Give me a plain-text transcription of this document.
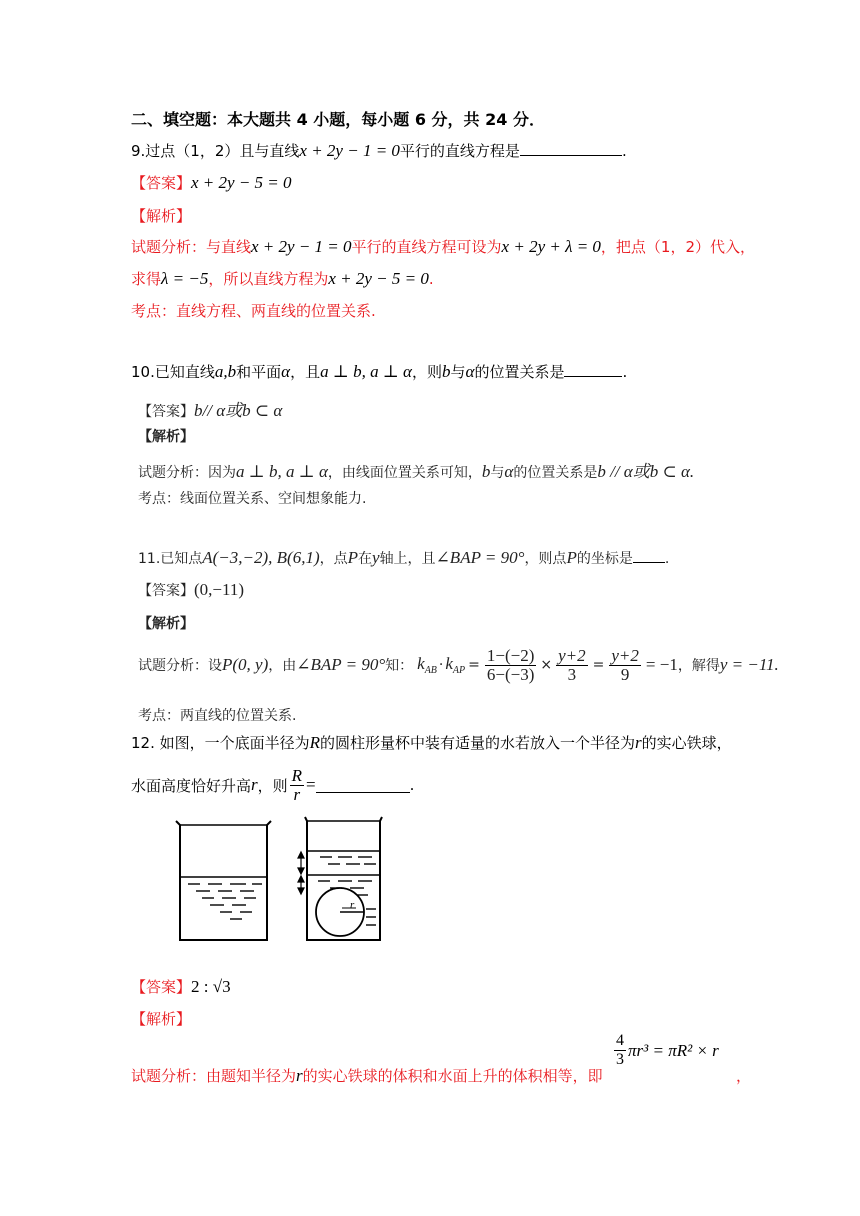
二、填空题：本大题共 4 小题，每小题 6 分，共 24 分．
9.过点（1，2）且与直线x + 2y − 1 = 0平行的直线方程是	.
【答案】x + 2y − 5 = 0
【解析】
试题分析：与直线x + 2y − 1 = 0平行的直线方程可设为x + 2y + λ = 0，把点（1，2）代入，
求得λ = −5，所以直线方程为x + 2y − 5 = 0.
考点：直线方程、两直线的位置关系.
10.已知直线a,b和平面α，且a ⊥ b, a ⊥ α，则b与α的位置关系是	.
【答案】b// α或b ⊂ α
【解析】
试题分析：因为a ⊥ b, a ⊥ α，由线面位置关系可知，b与α的位置关系是b // α或b ⊂ α.
考点：线面位置关系、空间想象能力.
11.已知点A(−3,−2), B(6,1)，点P在y轴上，且∠BAP = 90°，则点P的坐标是 .
【答案】(0,−11)
【解析】
试题分析：设 P(0, y) ，由 ∠BAP = 90° 知： $k_{AB} \cdot k_{AP} = \frac{1-(-2)}{6-(-3)} \times \frac{y+2}{3} = \frac{y+2}{9} = -1$ ，解得 y = −11.
考点：两直线的位置关系.
12. 如图，一个底面半径为R的圆柱形量杯中装有适量的水若放入一个半径为r的实心铁球，
水面高度恰好升高 r ，则 $\frac{R}{r}$ =	.
r
【答案】2 : √3
【解析】
试题分析：由题知半径为r的实心铁球的体积和水面上升的体积相等，即
$\frac{4}{3} \pi r^3 = \pi R^2 \times r$
，
